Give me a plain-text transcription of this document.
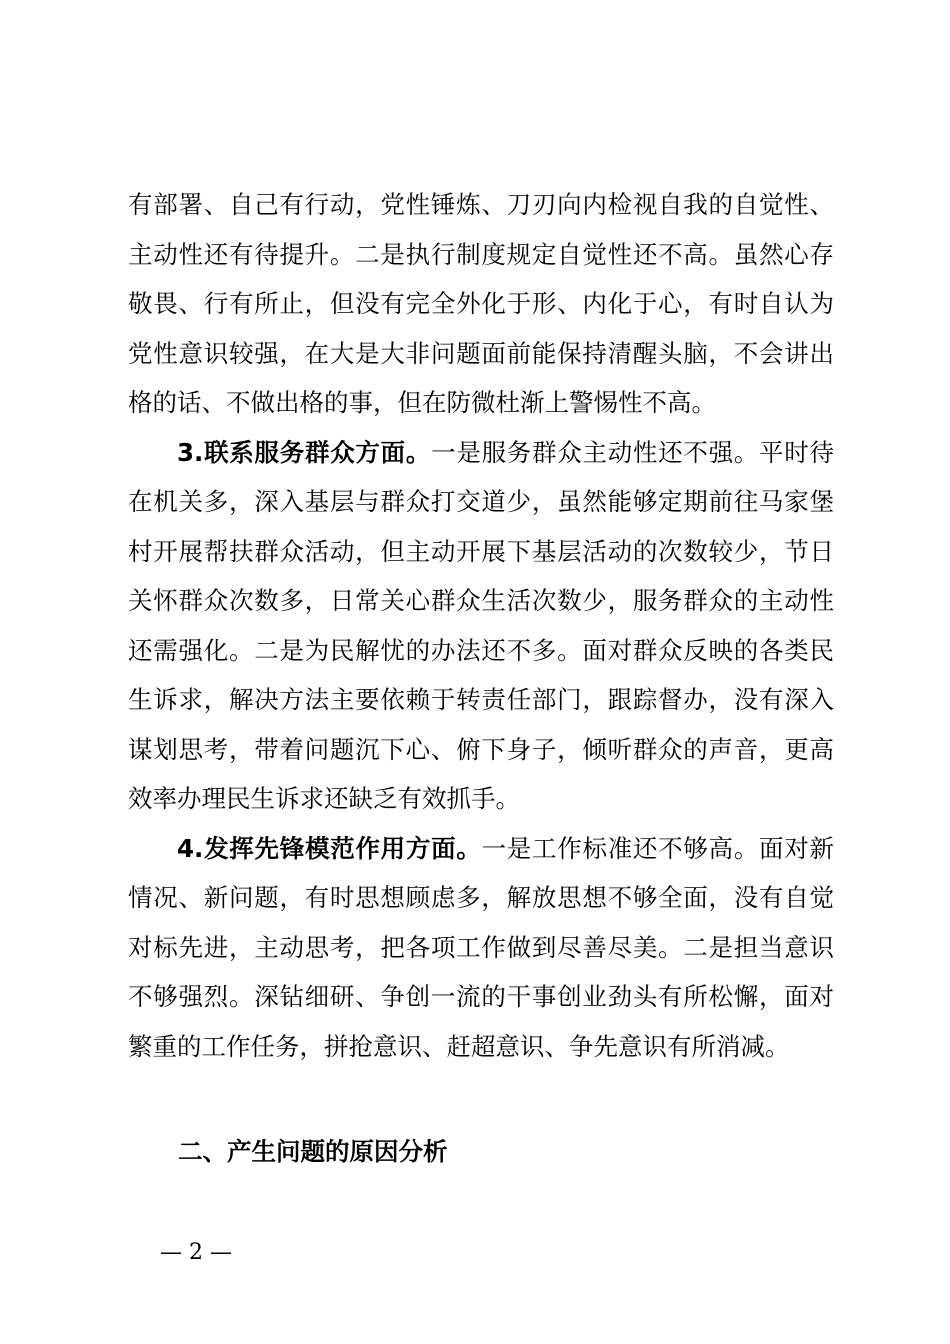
有部署、自己有行动，党性锤炼、刀刃向内检视自我的自觉性、主动性还有待提升。二是执行制度规定自觉性还不高。虽然心存敬畏、行有所止，但没有完全外化于形、内化于心，有时自认为党性意识较强，在大是大非问题面前能保持清醒头脑，不会讲出格的话、不做出格的事，但在防微杜渐上警惕性不高。

3.联系服务群众方面。一是服务群众主动性还不强。平时待在机关多，深入基层与群众打交道少，虽然能够定期前往马家堡村开展帮扶群众活动，但主动开展下基层活动的次数较少，节日关怀群众次数多，日常关心群众生活次数少，服务群众的主动性还需强化。二是为民解忧的办法还不多。面对群众反映的各类民生诉求，解决方法主要依赖于转责任部门，跟踪督办，没有深入谋划思考，带着问题沉下心、俯下身子，倾听群众的声音，更高效率办理民生诉求还缺乏有效抓手。

4.发挥先锋模范作用方面。一是工作标准还不够高。面对新情况、新问题，有时思想顾虑多，解放思想不够全面，没有自觉对标先进，主动思考，把各项工作做到尽善尽美。二是担当意识不够强烈。深钻细研、争创一流的干事创业劲头有所松懈，面对繁重的工作任务，拼抢意识、赶超意识、争先意识有所消减。

二、产生问题的原因分析
— 2 —
